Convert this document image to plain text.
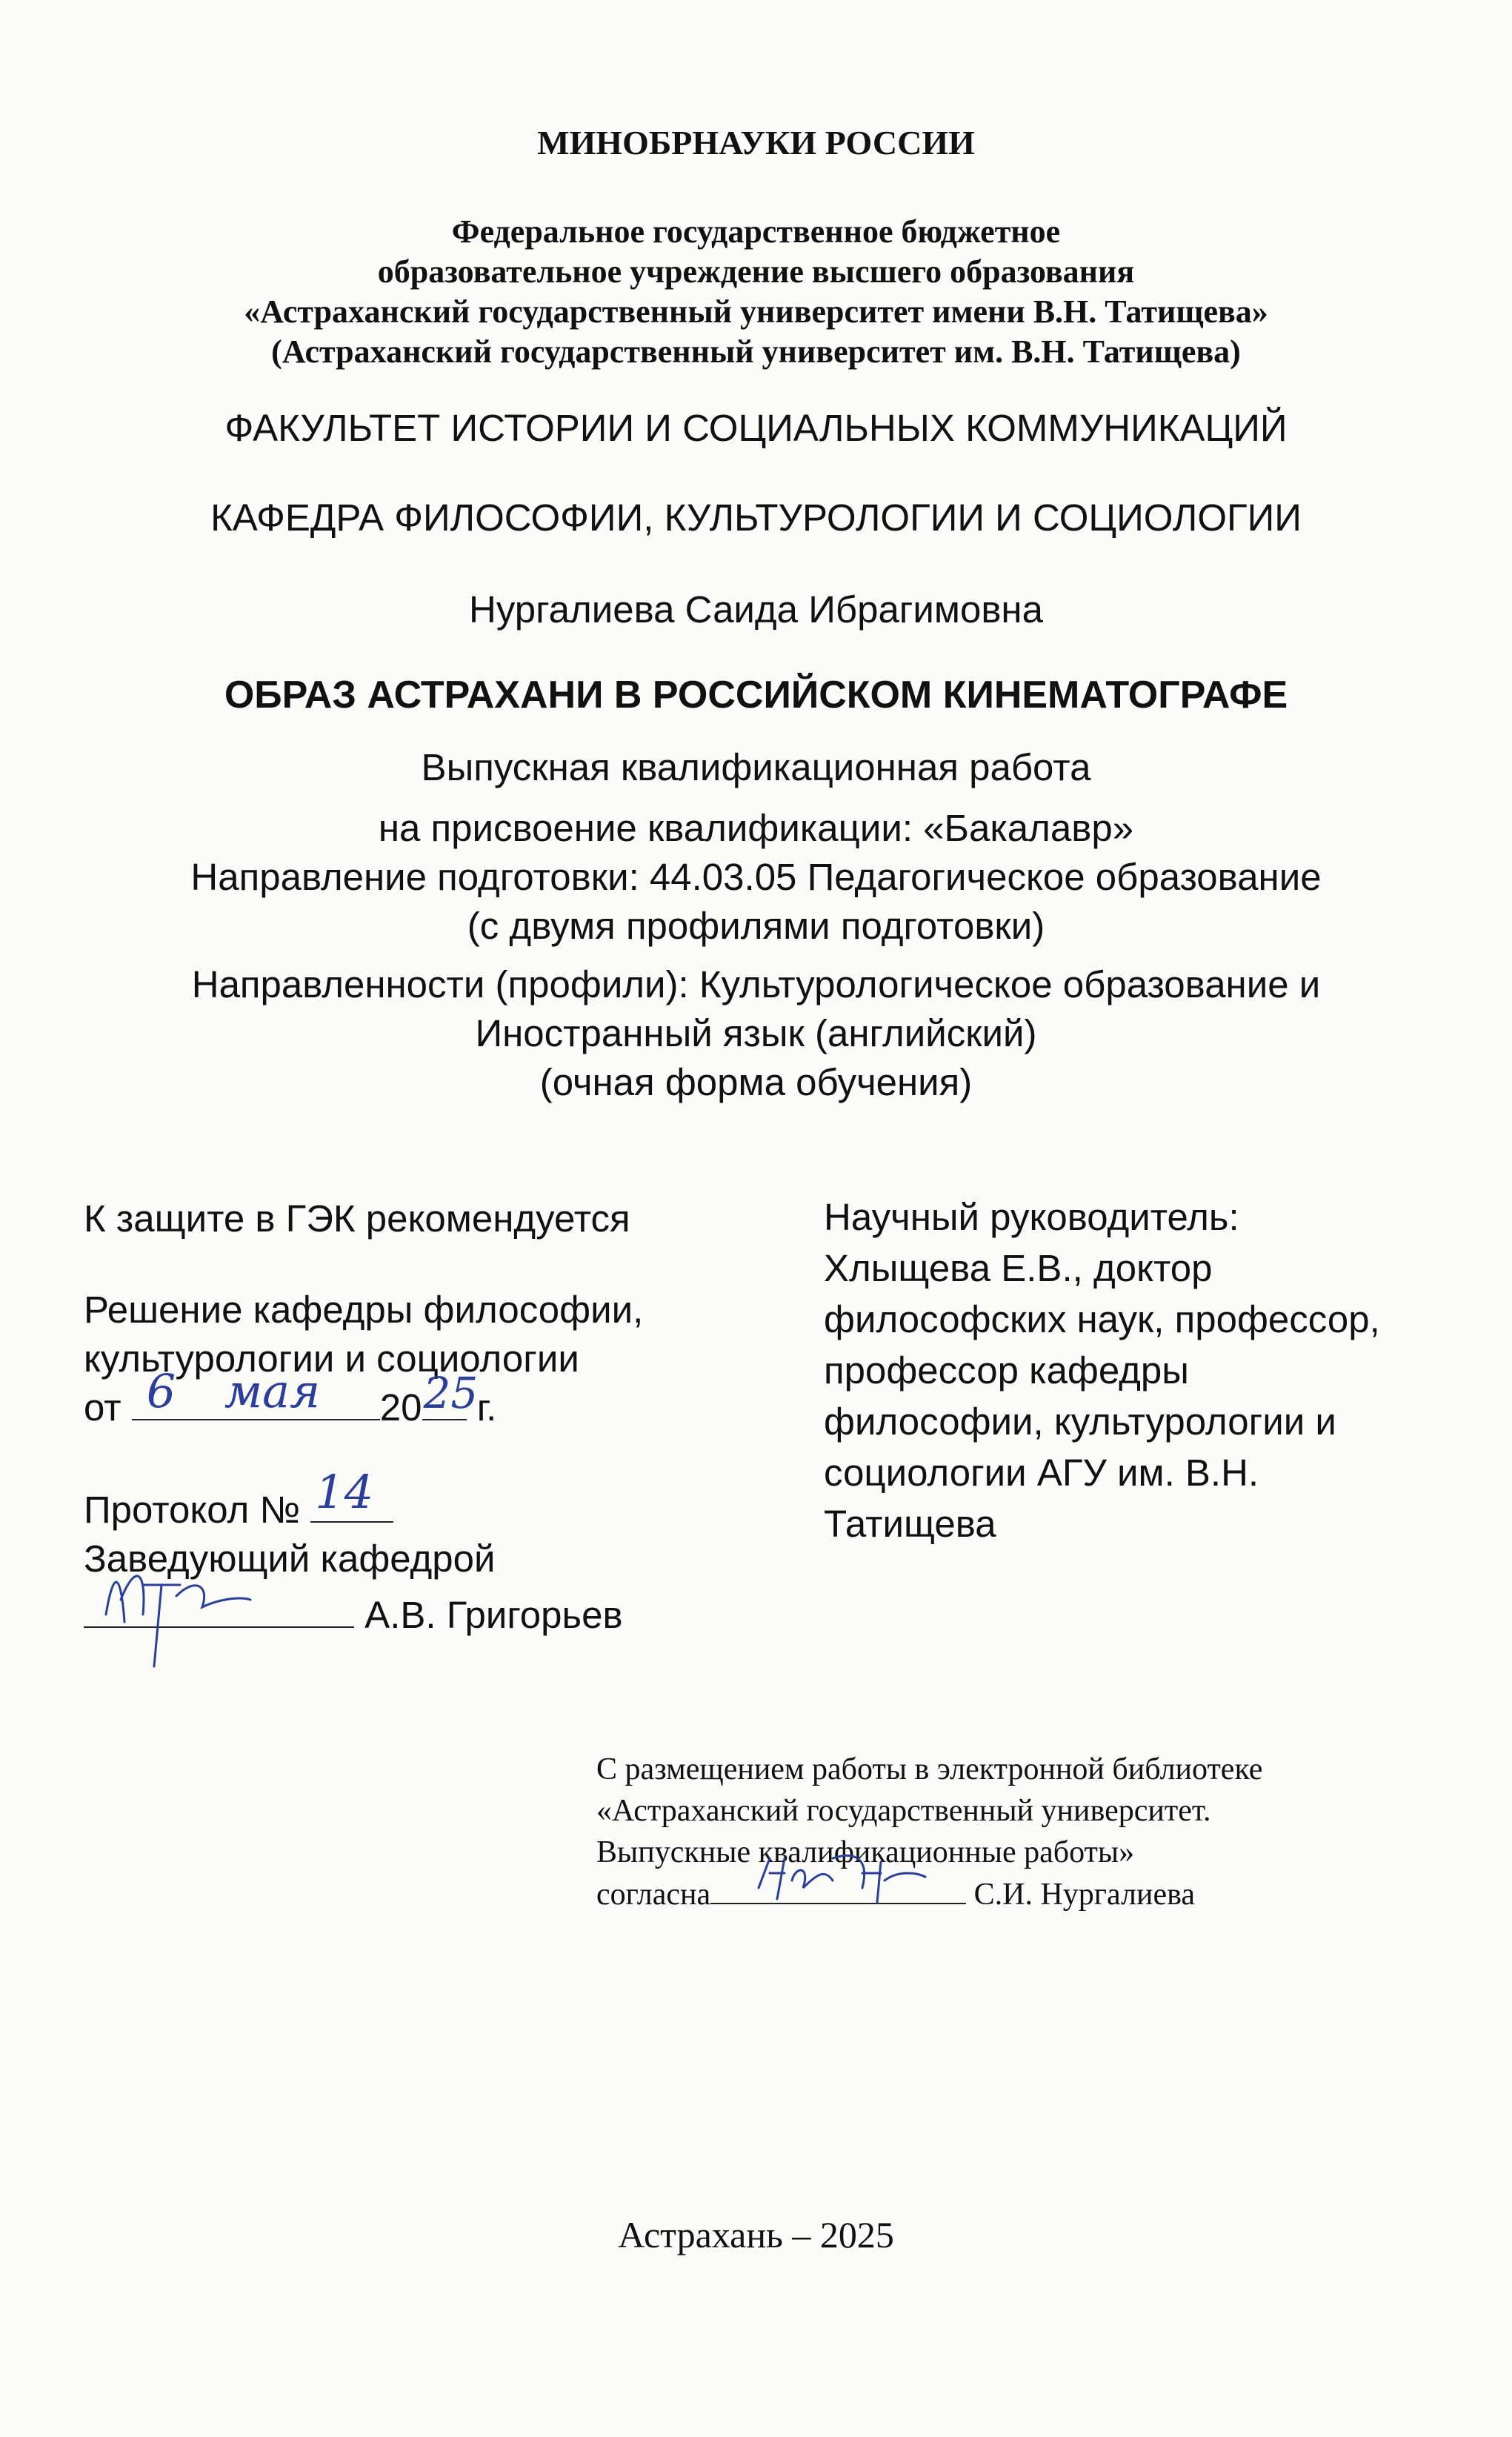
МИНОБРНАУКИ РОССИИ
Федеральное государственное бюджетное
образовательное учреждение высшего образования
«Астраханский государственный университет имени В.Н. Татищева»
(Астраханский государственный университет им. В.Н. Татищева)
ФАКУЛЬТЕТ ИСТОРИИ И СОЦИАЛЬНЫХ КОММУНИКАЦИЙ
КАФЕДРА ФИЛОСОФИИ, КУЛЬТУРОЛОГИИ И СОЦИОЛОГИИ
Нургалиева Саида Ибрагимовна
ОБРАЗ АСТРАХАНИ В РОССИЙСКОМ КИНЕМАТОГРАФЕ
Выпускная квалификационная работа
на присвоение квалификации: «Бакалавр»
Направление подготовки: 44.03.05 Педагогическое образование
(с двумя профилями подготовки)
Направленности (профили): Культурологическое образование и
Иностранный язык (английский)
(очная форма обучения)
К защите в ГЭК рекомендуется
Решение кафедры философии,
культурологии и социологии
от 6 мая 20 25
г.
Протокол № 14
Заведующий кафедрой
А.В. Григорьев
Научный руководитель:
Хлыщева Е.В., доктор
философских наук, профессор,
профессор кафедры
философии, культурологии и
социологии АГУ им. В.Н.
Татищева
С размещением работы в электронной библиотеке
«Астраханский государственный университет.
Выпускные квалификационные работы»
согласна	С.И. Нургалиева
Астрахань – 2025
